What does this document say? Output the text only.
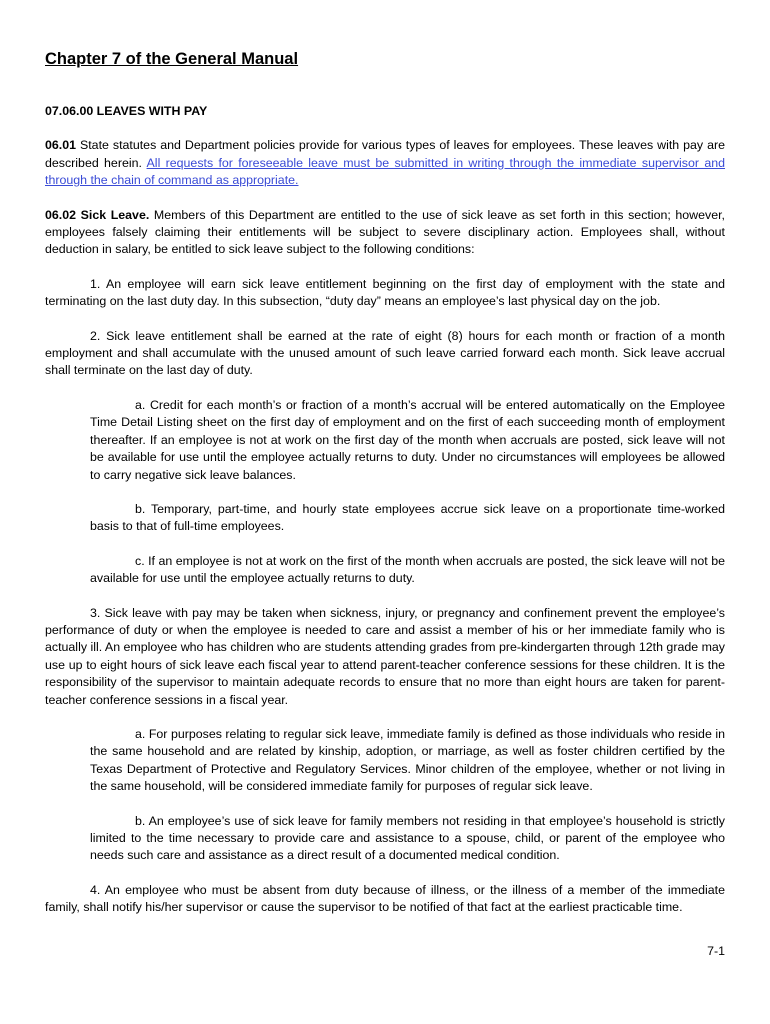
Chapter 7 of the General Manual
07.06.00 LEAVES WITH PAY

06.01 State statutes and Department policies provide for various types of leaves for employees. These leaves with pay are described herein. All requests for foreseeable leave must be submitted in writing through the immediate supervisor and through the chain of command as appropriate.

06.02 Sick Leave. Members of this Department are entitled to the use of sick leave as set forth in this section; however, employees falsely claiming their entitlements will be subject to severe disciplinary action. Employees shall, without deduction in salary, be entitled to sick leave subject to the following conditions:

1. An employee will earn sick leave entitlement beginning on the first day of employment with the state and terminating on the last duty day. In this subsection, “duty day” means an employee’s last physical day on the job.

2. Sick leave entitlement shall be earned at the rate of eight (8) hours for each month or fraction of a month employment and shall accumulate with the unused amount of such leave carried forward each month. Sick leave accrual shall terminate on the last day of duty.

a. Credit for each month’s or fraction of a month’s accrual will be entered automatically on the Employee Time Detail Listing sheet on the first day of employment and on the first of each succeeding month of employment thereafter. If an employee is not at work on the first day of the month when accruals are posted, sick leave will not be available for use until the employee actually returns to duty. Under no circumstances will employees be allowed to carry negative sick leave balances.

b. Temporary, part-time, and hourly state employees accrue sick leave on a proportionate time-worked basis to that of full-time employees.

c. If an employee is not at work on the first of the month when accruals are posted, the sick leave will not be available for use until the employee actually returns to duty.

3. Sick leave with pay may be taken when sickness, injury, or pregnancy and confinement prevent the employee’s performance of duty or when the employee is needed to care and assist a member of his or her immediate family who is actually ill. An employee who has children who are students attending grades from pre-kindergarten through 12th grade may use up to eight hours of sick leave each fiscal year to attend parent-teacher conference sessions for these children. It is the responsibility of the supervisor to maintain adequate records to ensure that no more than eight hours are taken for parent-teacher conference sessions in a fiscal year.

a. For purposes relating to regular sick leave, immediate family is defined as those individuals who reside in the same household and are related by kinship, adoption, or marriage, as well as foster children certified by the Texas Department of Protective and Regulatory Services. Minor children of the employee, whether or not living in the same household, will be considered immediate family for purposes of regular sick leave.

b. An employee’s use of sick leave for family members not residing in that employee’s household is strictly limited to the time necessary to provide care and assistance to a spouse, child, or parent of the employee who needs such care and assistance as a direct result of a documented medical condition.

4. An employee who must be absent from duty because of illness, or the illness of a member of the immediate family, shall notify his/her supervisor or cause the supervisor to be notified of that fact at the earliest practicable time.

7-1
